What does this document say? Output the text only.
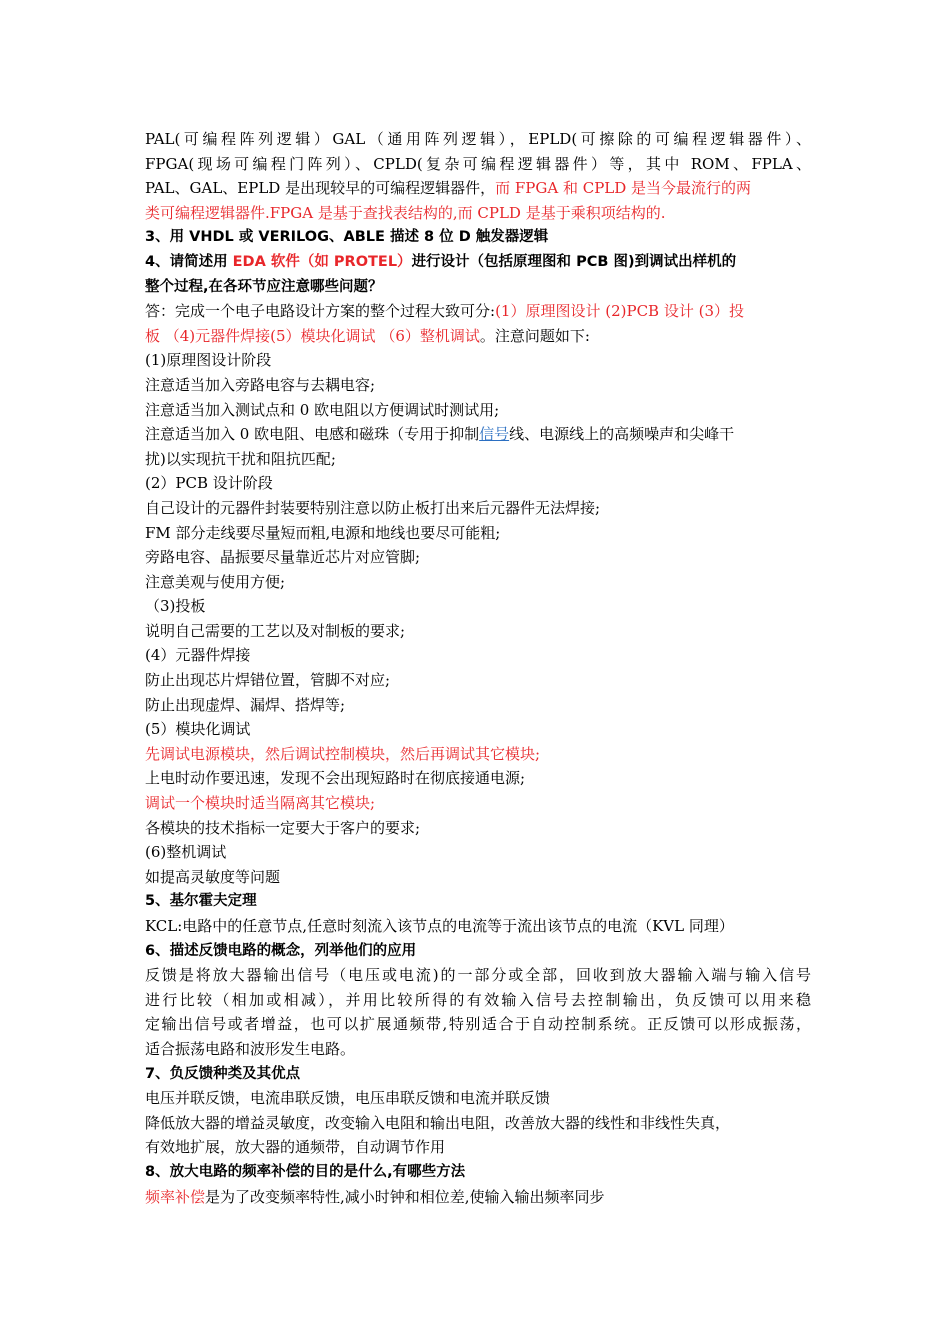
PAL(可编程阵列逻辑）GAL（通用阵列逻辑），EPLD(可擦除的可编程逻辑器件）、
FPGA(现场可编程门阵列）、CPLD(复杂可编程逻辑器件）等，其中 ROM、FPLA、
PAL、GAL、EPLD 是出现较早的可编程逻辑器件，而 FPGA 和 CPLD 是当今最流行的两
类可编程逻辑器件.FPGA 是基于查找表结构的,而 CPLD 是基于乘积项结构的.
3、用 VHDL 或 VERILOG、ABLE 描述 8 位 D 触发器逻辑
4、请简述用 EDA 软件（如 PROTEL）进行设计（包括原理图和 PCB 图)到调试出样机的
整个过程,在各环节应注意哪些问题？
答：完成一个电子电路设计方案的整个过程大致可分:(1）原理图设计 (2)PCB 设计 (3）投
板 （4)元器件焊接(5）模块化调试 （6）整机调试。注意问题如下:
(1)原理图设计阶段
注意适当加入旁路电容与去耦电容;
注意适当加入测试点和 0 欧电阻以方便调试时测试用;
注意适当加入 0 欧电阻、电感和磁珠（专用于抑制信号线、电源线上的高频噪声和尖峰干
扰)以实现抗干扰和阻抗匹配;
(2）PCB 设计阶段
自己设计的元器件封装要特别注意以防止板打出来后元器件无法焊接;
FM 部分走线要尽量短而粗,电源和地线也要尽可能粗;
旁路电容、晶振要尽量靠近芯片对应管脚;
注意美观与使用方便;
（3)投板
说明自己需要的工艺以及对制板的要求;
(4）元器件焊接
防止出现芯片焊错位置，管脚不对应;
防止出现虚焊、漏焊、搭焊等;
(5）模块化调试
先调试电源模块，然后调试控制模块，然后再调试其它模块;
上电时动作要迅速，发现不会出现短路时在彻底接通电源;
调试一个模块时适当隔离其它模块;
各模块的技术指标一定要大于客户的要求;
(6)整机调试
如提高灵敏度等问题
5、基尔霍夫定理
KCL:电路中的任意节点,任意时刻流入该节点的电流等于流出该节点的电流（KVL 同理）
6、描述反馈电路的概念，列举他们的应用
反馈是将放大器输出信号（电压或电流)的一部分或全部，回收到放大器输入端与输入信号
进行比较（相加或相减），并用比较所得的有效输入信号去控制输出，负反馈可以用来稳
定输出信号或者增益，也可以扩展通频带,特别适合于自动控制系统。正反馈可以形成振荡，
适合振荡电路和波形发生电路。
7、负反馈种类及其优点
电压并联反馈，电流串联反馈，电压串联反馈和电流并联反馈
降低放大器的增益灵敏度，改变输入电阻和输出电阻，改善放大器的线性和非线性失真，
有效地扩展，放大器的通频带，自动调节作用
8、放大电路的频率补偿的目的是什么,有哪些方法
频率补偿是为了改变频率特性,减小时钟和相位差,使输入输出频率同步
